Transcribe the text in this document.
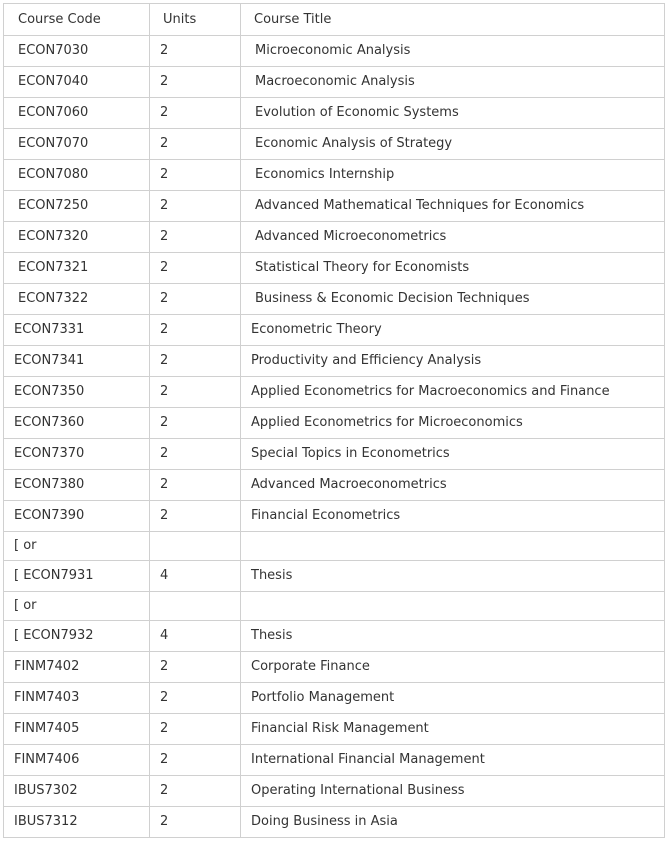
Course Code	Units	Course Title
ECON7030	2	Microeconomic Analysis
ECON7040	2	Macroeconomic Analysis
ECON7060	2	Evolution of Economic Systems
ECON7070	2	Economic Analysis of Strategy
ECON7080	2	Economics Internship
ECON7250	2	Advanced Mathematical Techniques for Economics
ECON7320	2	Advanced Microeconometrics
ECON7321	2	Statistical Theory for Economists
ECON7322	2	Business & Economic Decision Techniques
ECON7331	2	Econometric Theory
ECON7341	2	Productivity and Efficiency Analysis
ECON7350	2	Applied Econometrics for Macroeconomics and Finance
ECON7360	2	Applied Econometrics for Microeconomics
ECON7370	2	Special Topics in Econometrics
ECON7380	2	Advanced Macroeconometrics
ECON7390	2	Financial Econometrics
[ or		
[ ECON7931	4	Thesis
[ or		
[ ECON7932	4	Thesis
FINM7402	2	Corporate Finance
FINM7403	2	Portfolio Management
FINM7405	2	Financial Risk Management
FINM7406	2	International Financial Management
IBUS7302	2	Operating International Business
IBUS7312	2	Doing Business in Asia
